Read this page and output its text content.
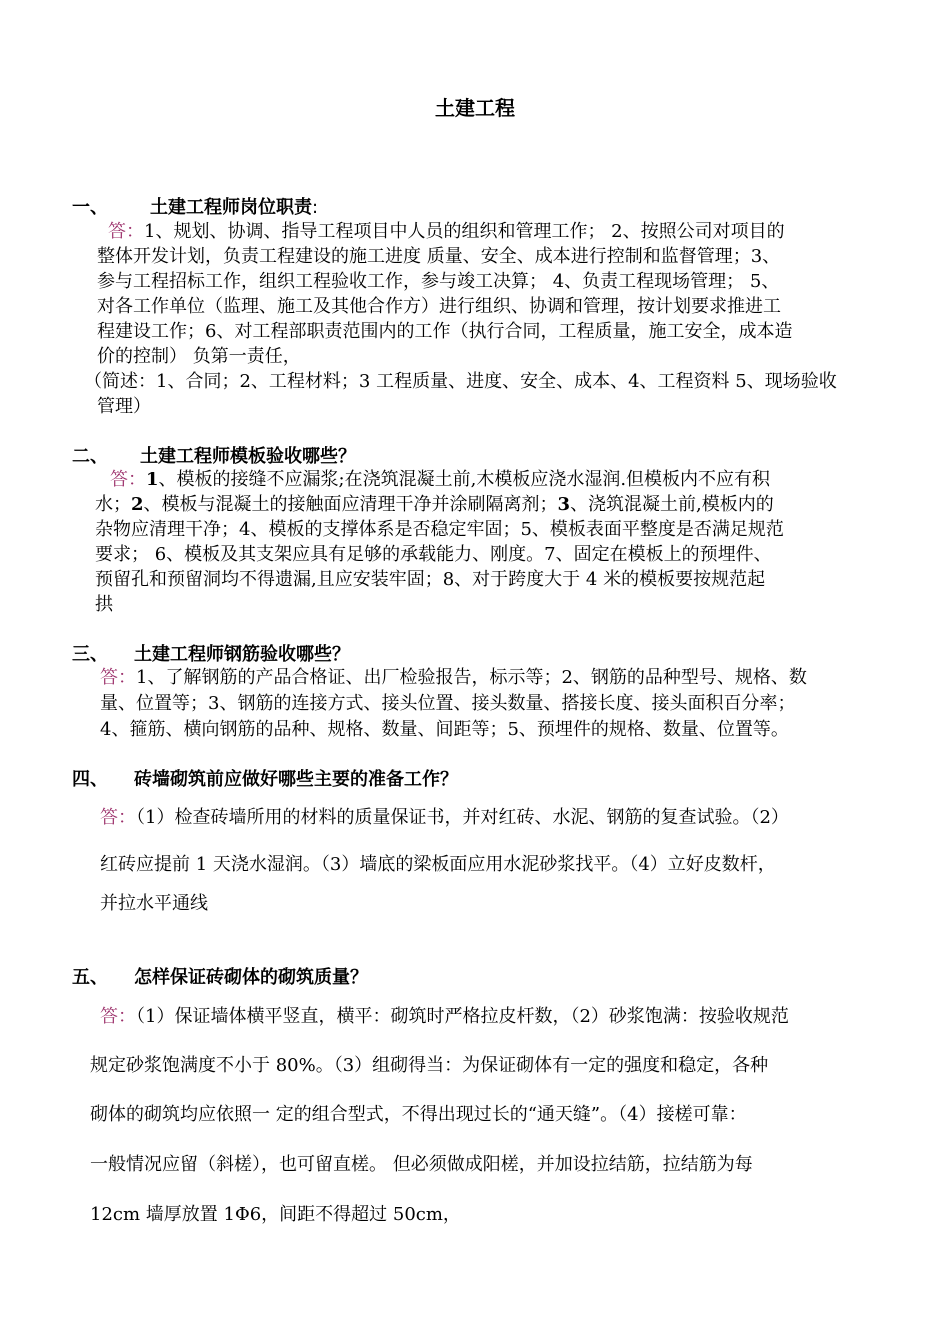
土建工程
一、 土建工程师岗位职责:
答：1、规划、协调、指导工程项目中人员的组织和管理工作； 2、按照公司对项目的
整体开发计划，负责工程建设的施工进度 质量、安全、成本进行控制和监督管理；3、
参与工程招标工作，组织工程验收工作，参与竣工决算； 4、负责工程现场管理； 5、
对各工作单位（监理、施工及其他合作方）进行组织、协调和管理，按计划要求推进工
程建设工作；6、对工程部职责范围内的工作（执行合同，工程质量，施工安全，成本造
价的控制） 负第一责任，
（简述：1、合同；2、工程材料；3 工程质量、进度、安全、成本、4、工程资料 5、现场验收
管理）
二、 土建工程师模板验收哪些？
答：1、模板的接缝不应漏浆;在浇筑混凝土前,木模板应浇水湿润.但模板内不应有积
水；2、模板与混凝土的接触面应清理干净并涂刷隔离剂；3、浇筑混凝土前,模板内的
杂物应清理干净；4、模板的支撑体系是否稳定牢固；5、模板表面平整度是否满足规范
要求； 6、模板及其支架应具有足够的承载能力、刚度。7、固定在模板上的预埋件、
预留孔和预留洞均不得遗漏,且应安装牢固；8、对于跨度大于 4 米的模板要按规范起
拱
三、 土建工程师钢筋验收哪些？
答：1、了解钢筋的产品合格证、出厂检验报告，标示等；2、钢筋的品种型号、规格、数
量、位置等；3、钢筋的连接方式、接头位置、接头数量、搭接长度、接头面积百分率；
4、箍筋、横向钢筋的品种、规格、数量、间距等；5、预埋件的规格、数量、位置等。
四、 砖墙砌筑前应做好哪些主要的准备工作？
答：（1）检查砖墙所用的材料的质量保证书，并对红砖、水泥、钢筋的复查试验。（2）
红砖应提前 1 天浇水湿润。（3）墙底的梁板面应用水泥砂浆找平。（4）立好皮数杆，
并拉水平通线
五、 怎样保证砖砌体的砌筑质量？
答：（1）保证墙体横平竖直，横平：砌筑时严格拉皮杆数，（2）砂浆饱满：按验收规范
规定砂浆饱满度不小于 80%。（3）组砌得当：为保证砌体有一定的强度和稳定，各种
砌体的砌筑均应依照一 定的组合型式，不得出现过长的“通天缝”。（4）接槎可靠：
一般情况应留（斜槎），也可留直槎。 但必须做成阳槎，并加设拉结筋，拉结筋为每
12cm 墙厚放置 1Φ6，间距不得超过 50cm，
